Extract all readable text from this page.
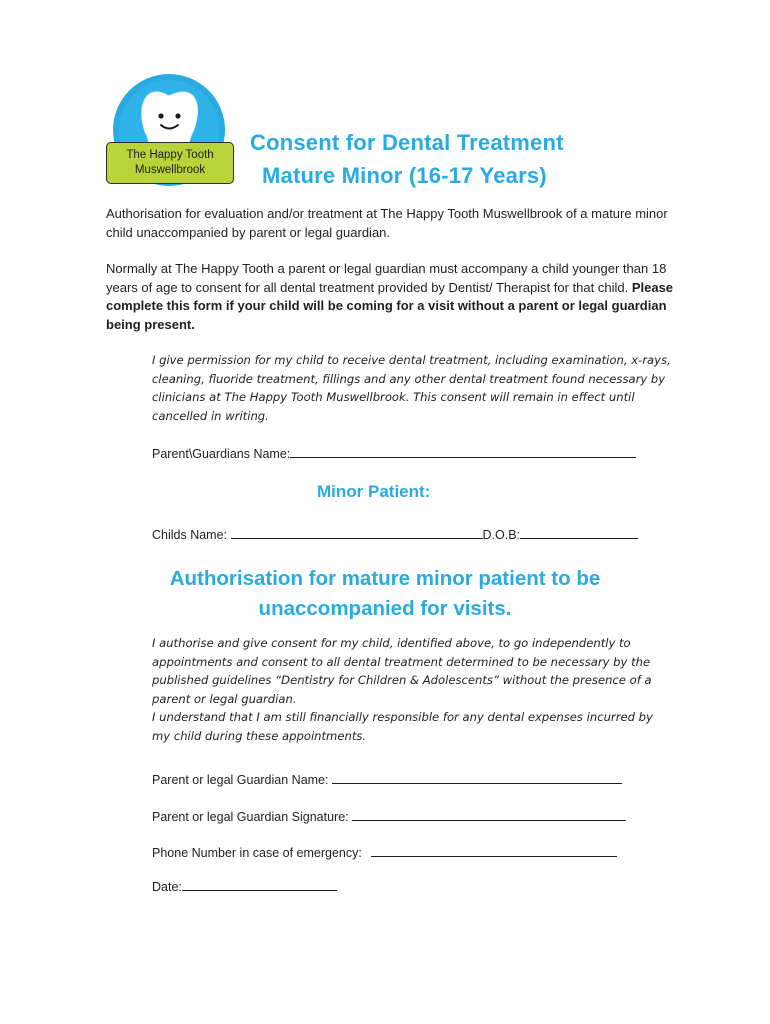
The Happy Tooth
Muswellbrook
Consent for Dental Treatment
Mature Minor (16-17 Years)
Authorisation for evaluation and/or treatment at The Happy Tooth Muswellbrook of a mature minor child unaccompanied by parent or legal guardian.
Normally at The Happy Tooth a parent or legal guardian must accompany a child younger than 18 years of age to consent for all dental treatment provided by Dentist/ Therapist for that child. Please complete this form if your child will be coming for a visit without a parent or legal guardian being present.
I give permission for my child to receive dental treatment, including examination, x-rays, cleaning, fluoride treatment, fillings and any other dental treatment found necessary by clinicians at The Happy Tooth Muswellbrook. This consent will remain in effect until cancelled in writing.
Parent\Guardians Name:
Minor Patient:
Childs Name:	D.O.B:
Authorisation for mature minor patient to be
unaccompanied for visits.
I authorise and give consent for my child, identified above, to go independently to appointments and consent to all dental treatment determined to be necessary by the published guidelines “Dentistry for Children & Adolescents” without the presence of a parent or legal guardian.
I understand that I am still financially responsible for any dental expenses incurred by my child during these appointments.
Parent or legal Guardian Name:
Parent or legal Guardian Signature:
Phone Number in case of emergency:
Date:
